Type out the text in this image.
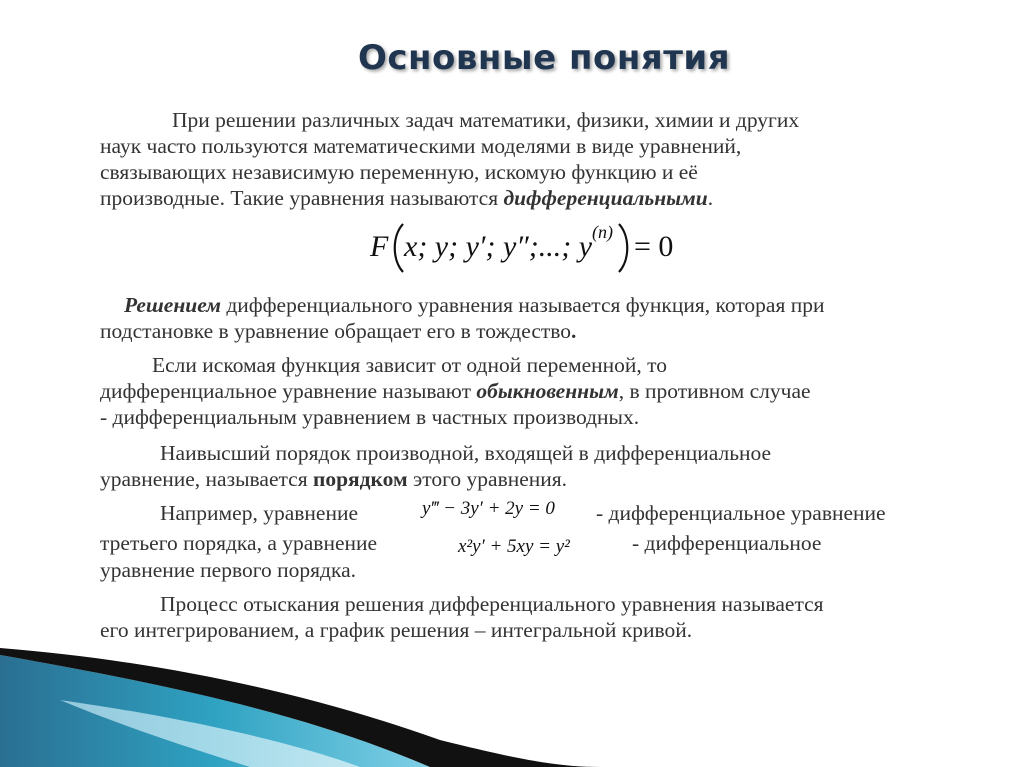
Основные понятия
При решении различных задач математики, физики, химии и других
наук часто пользуются математическими моделями в виде уравнений,
связывающих независимую переменную, искомую функцию и её
производные. Такие уравнения называются дифференциальными.
F x; y; y′; y″;...; y (n) = 0
Решением дифференциального уравнения называется функция, которая при
подстановке в уравнение обращает его в тождество.
Если искомая функция зависит от одной переменной, то
дифференциальное уравнение называют обыкновенным, в противном случае
- дифференциальным уравнением в частных производных.
Наивысший порядок производной, входящей в дифференциальное
уравнение, называется порядком этого уравнения.
Например, уравнение	y‴ − 3y′ + 2y = 0 - дифференциальное уравнение
третьего порядка, а уравнение	x²y′ + 5xy = y²	- дифференциальное
уравнение первого порядка.
Процесс отыскания решения дифференциального уравнения называется
его интегрированием, а график решения – интегральной кривой.
